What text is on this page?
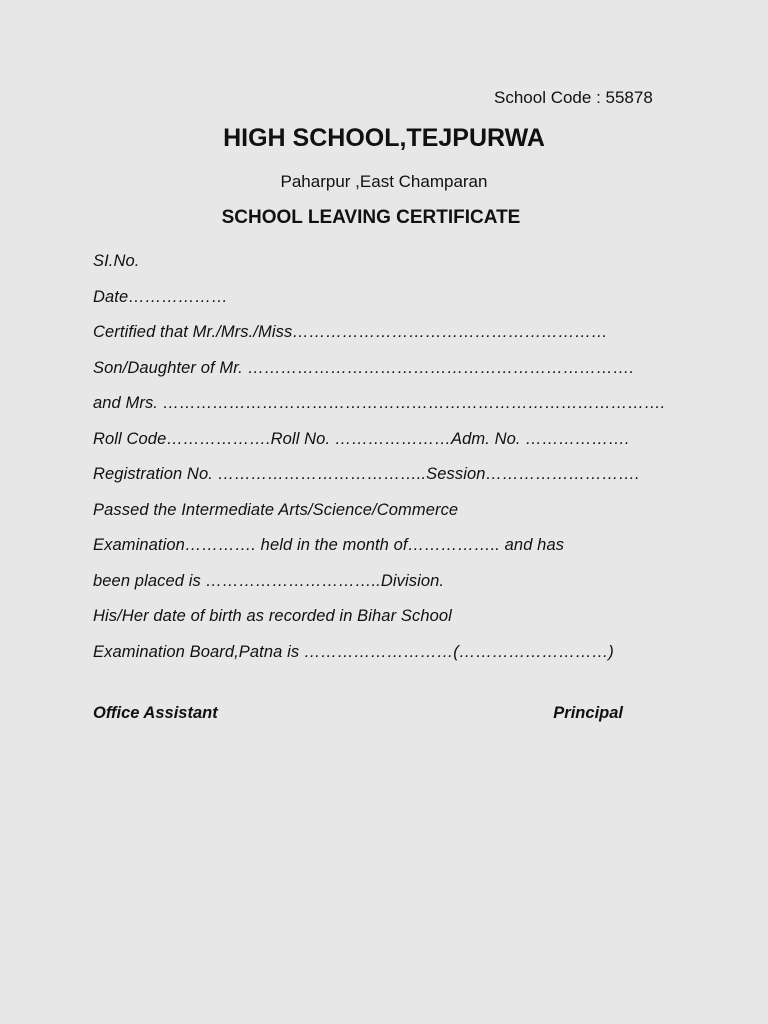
School Code : 55878
HIGH SCHOOL,TEJPURWA
Paharpur ,East Champaran
SCHOOL LEAVING CERTIFICATE
SI.No.
Date………………
Certified that Mr./Mrs./Miss…………………………………………………
Son/Daughter of Mr. …………………………………………………………….
and Mrs. ……………………………………………………………………………….
Roll Code……………….Roll No. …………………Adm. No. ……………….
Registration No. ………………………………..Session……………………….
Passed the Intermediate Arts/Science/Commerce
Examination…………. held in the month of…………….. and has
been placed is …………………………..Division.
His/Her date of birth as recorded in Bihar School
Examination Board,Patna is ………………………(………………………)
Office Assistant	Principal
